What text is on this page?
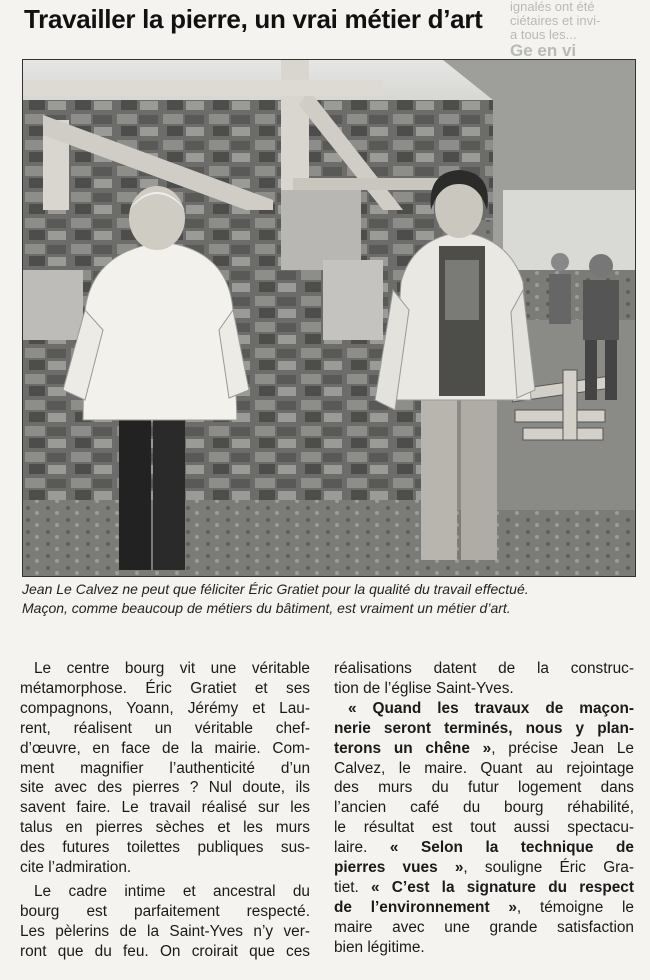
ignalés ont été
ciétaires et invi-
a tous les...
Ge en vi
Travailler la pierre, un vrai métier d’art

Jean Le Calvez ne peut que féliciter Éric Gratiet pour la qualité du travail effectué.

Maçon, comme beaucoup de métiers du bâtiment, est vraiment un métier d’art.

Le centre bourg vit une véritable
métamorphose. Éric Gratiet et ses
compagnons, Yoann, Jérémy et Lau-
rent, réalisent un véritable chef-
d’œuvre, en face de la mairie. Com-
ment magnifier l’authenticité d’un
site avec des pierres ? Nul doute, ils
savent faire. Le travail réalisé sur les
talus en pierres sèches et les murs
des futures toilettes publiques sus-
cite l’admiration.

Le cadre intime et ancestral du
bourg est parfaitement respecté.
Les pèlerins de la Saint-Yves n’y ver-
ront que du feu. On croirait que ces

réalisations datent de la construc-
tion de l’église Saint-Yves.

« Quand les travaux de maçon-
nerie seront terminés, nous y plan-
terons un chêne », précise Jean Le
Calvez, le maire. Quant au rejointage
des murs du futur logement dans
l’ancien café du bourg réhabilité,
le résultat est tout aussi spectacu-
laire. « Selon la technique de
pierres vues », souligne Éric Gra-
tiet. « C’est la signature du respect
de l’environnement », témoigne le
maire avec une grande satisfaction
bien légitime.
